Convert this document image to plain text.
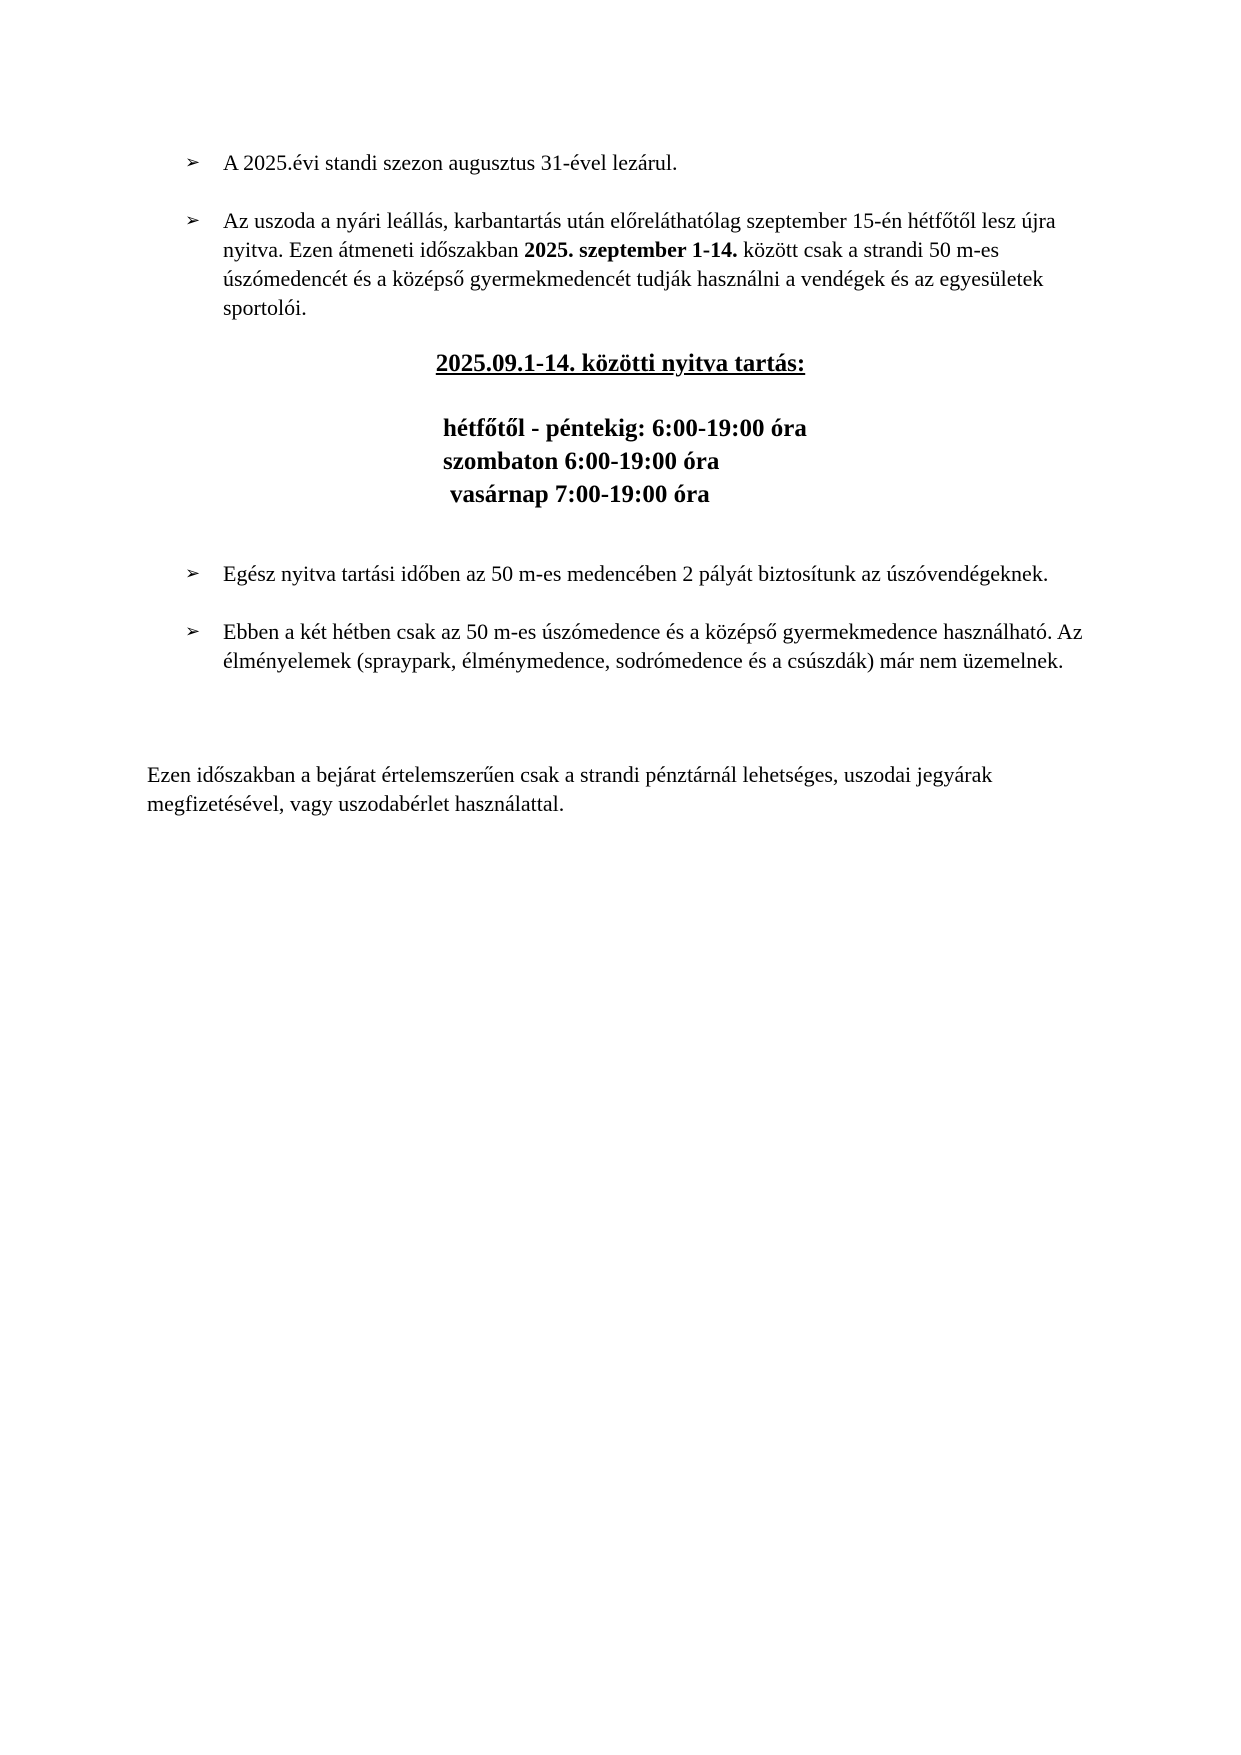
➢	A 2025.évi standi szezon augusztus 31-ével lezárul.
➢	Az uszoda a nyári leállás, karbantartás után előreláthatólag szeptember 15-én hétfőtől lesz újra nyitva. Ezen átmeneti időszakban 2025. szeptember 1-14. között csak a strandi 50 m-es úszómedencét és a középső gyermekmedencét tudják használni a vendégek és az egyesületek sportolói.
2025.09.1-14. közötti nyitva tartás:
hétfőtől - péntekig: 6:00-19:00 óra
szombaton 6:00-19:00 óra
vasárnap 7:00-19:00 óra
➢	Egész nyitva tartási időben az 50 m-es medencében 2 pályát biztosítunk az úszóvendégeknek.
➢	Ebben a két hétben csak az 50 m-es úszómedence és a középső gyermekmedence használható. Az élményelemek (spraypark, élménymedence, sodrómedence és a csúszdák) már nem üzemelnek.
Ezen időszakban a bejárat értelemszerűen csak a strandi pénztárnál lehetséges, uszodai jegyárak megfizetésével, vagy uszodabérlet használattal.
